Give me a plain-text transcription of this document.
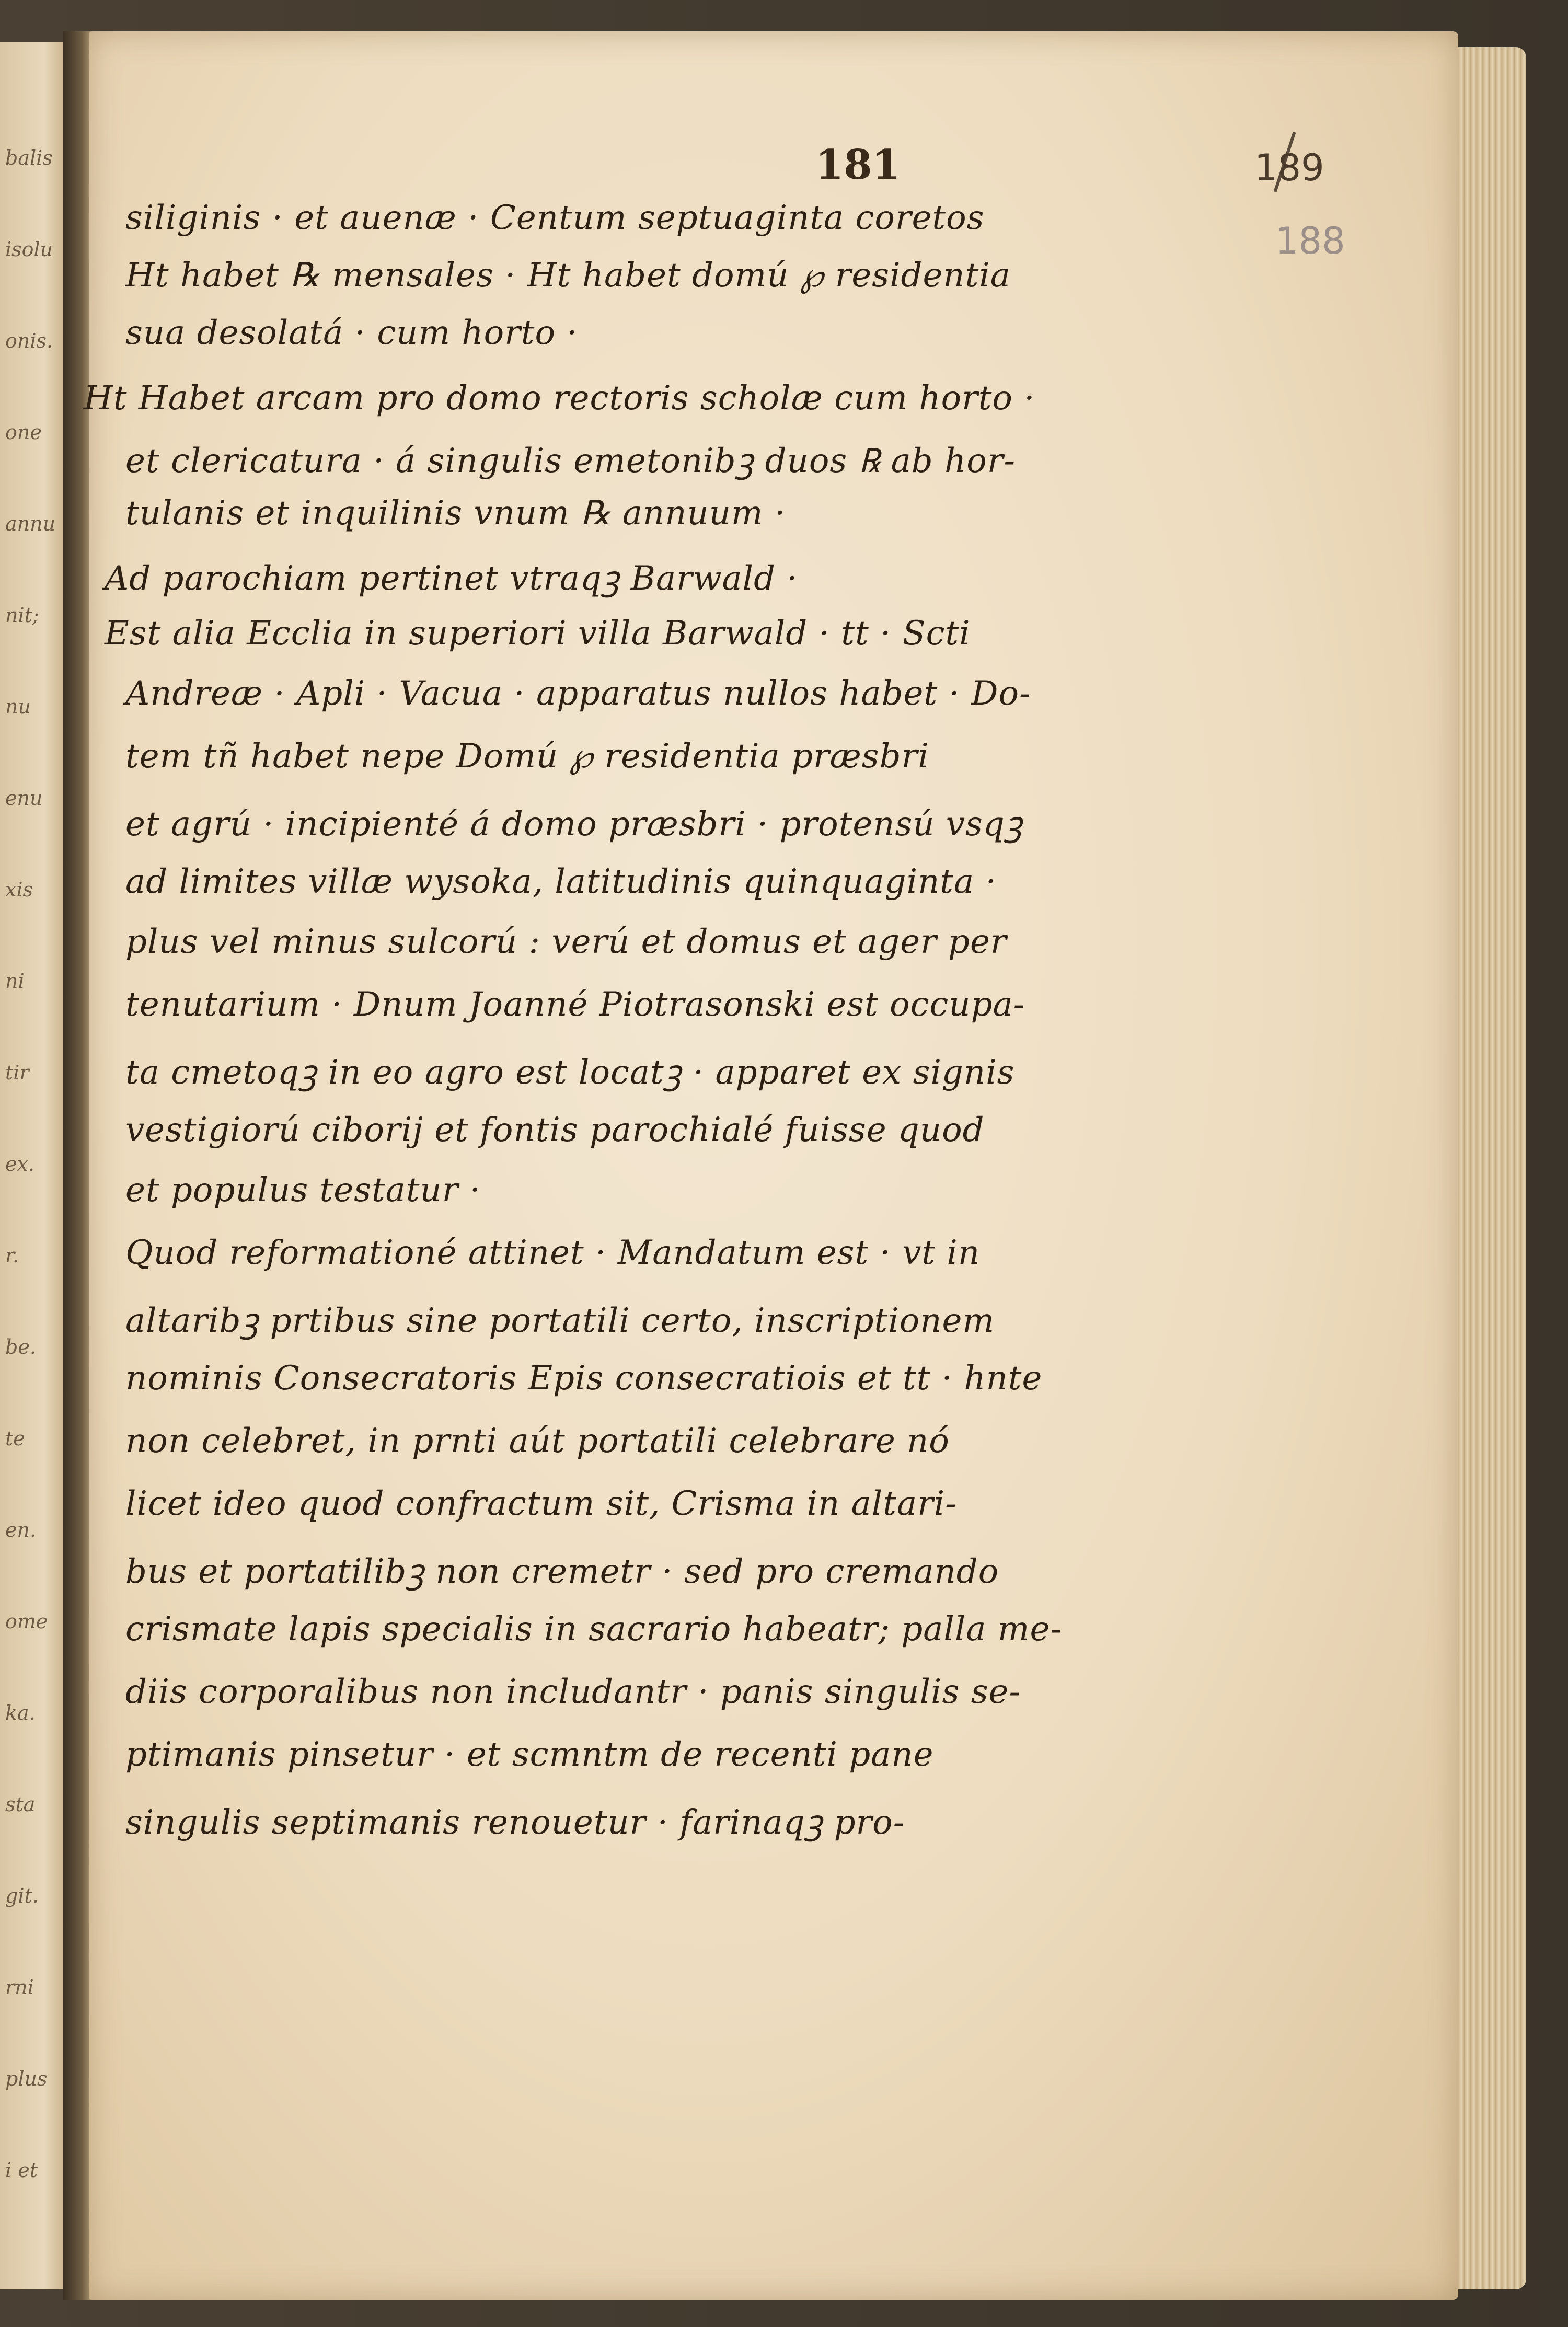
balis
isolu
onis.
one
annu
nit;
nu
enu
xis
ni
tir
ex.
r.
be.
te
en.
ome
ka.
sta
git.
rni
plus
i et
181	189
188
siliginis · et auenæ · Centum septuaginta coretos
Ht habet ℞ mensales · Ht habet domú ℘ residentia
sua desolatá · cum horto ·
Ht Habet arcam pro domo rectoris scholæ cum horto ·
et clericatura · á singulis emetonibꝫ duos ℞ ab hor-
tulanis et inquilinis vnum ℞ annuum ·
Ad parochiam pertinet vtraqꝫ Barwald ·
Est alia Ecclia in superiori villa Barwald · tt · Scti
Andreæ · Apli · Vacua · apparatus nullos habet · Do-
tem tñ habet nepe Domú ℘ residentia præsbri
et agrú · incipienté á domo præsbri · protensú vsqꝫ
ad limites villæ wysoka, latitudinis quinquaginta ·
plus vel minus sulcorú : verú et domus et ager per
tenutarium · Dnum Joanné Piotrasonski est occupa-
ta cmetoqꝫ in eo agro est locatꝫ · apparet ex signis
vestigiorú ciborij et fontis parochialé fuisse quod
et populus testatur ·
Quod reformationé attinet · Mandatum est · vt in
altaribꝫ prtibus sine portatili certo, inscriptionem
nominis Consecratoris Epis consecratiois et tt · hnte
non celebret, in prnti aút portatili celebrare nó
licet ideo quod confractum sit, Crisma in altari-
bus et portatilibꝫ non cremetr · sed pro cremando
crismate lapis specialis in sacrario habeatr; palla me-
diis corporalibus non includantr · panis singulis se-
ptimanis pinsetur · et scmntm de recenti pane
singulis septimanis renouetur · farinaqꝫ pro-
